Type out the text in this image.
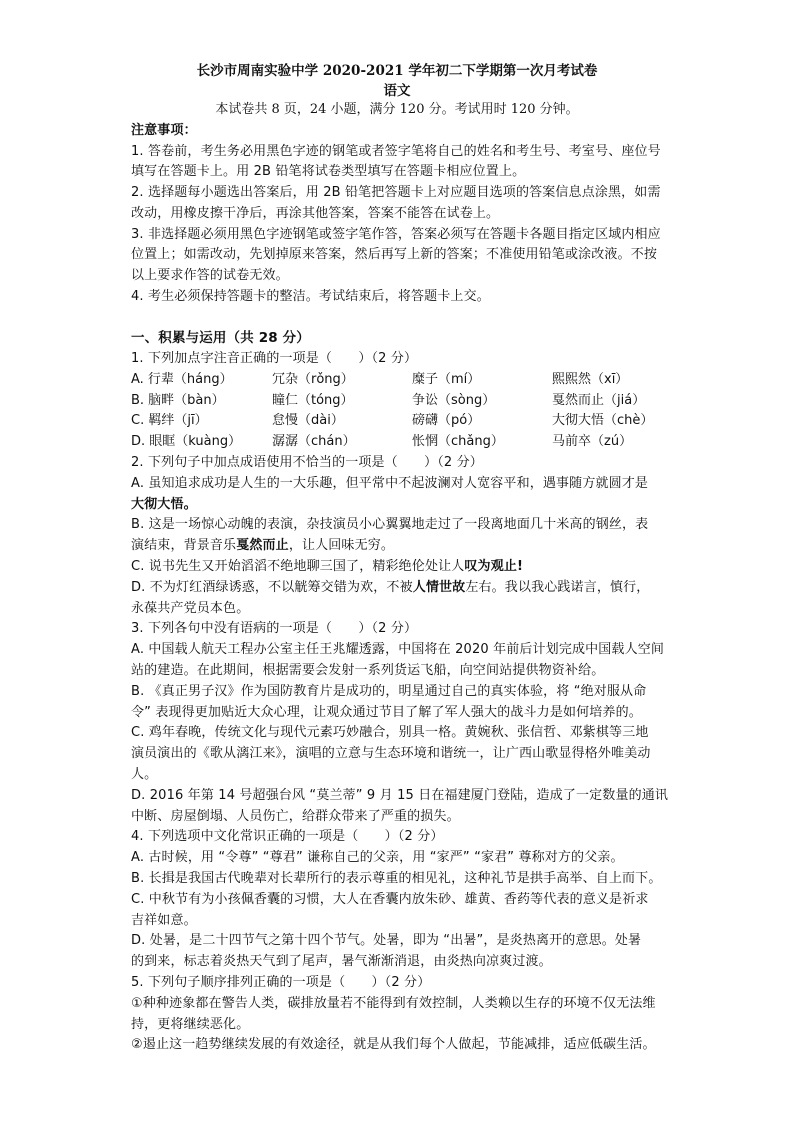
长沙市周南实验中学 2020-2021 学年初二下学期第一次月考试卷
语文
本试卷共 8 页，24 小题，满分 120 分。考试用时 120 分钟。
注意事项：
1. 答卷前，考生务必用黑色字迹的钢笔或者签字笔将自己的姓名和考生号、考室号、座位号
填写在答题卡上。用 2B 铅笔将试卷类型填写在答题卡相应位置上。
2. 选择题每小题选出答案后，用 2B 铅笔把答题卡上对应题目选项的答案信息点涂黑，如需
改动，用橡皮擦干净后，再涂其他答案，答案不能答在试卷上。
3. 非选择题必须用黑色字迹钢笔或签字笔作答，答案必须写在答题卡各题目指定区域内相应
位置上；如需改动，先划掉原来答案，然后再写上新的答案；不准使用铅笔或涂改液。不按
以上要求作答的试卷无效。
4. 考生必须保持答题卡的整洁。考试结束后，将答题卡上交。
一、积累与运用（共 28 分）
1. 下列加点字注音正确的一项是（　　）（2 分）
A. 行辈（háng）	冗杂（rǒng）	糜子（mí）	熙熙然（xī）
B. 脑畔（bàn）	瞳仁（tóng）	争讼（sòng）	戛然而止（jiá）
C. 羁绊（jī）	怠慢（dài）	磅礴（pó）	大彻大悟（chè）
D. 眼眶（kuàng） 潺潺（chán）	怅惘（chǎng）	马前卒（zú）
2. 下列句子中加点成语使用不恰当的一项是（　　）（2 分）
A. 虽知追求成功是人生的一大乐趣，但平常中不起波澜对人宽容平和，遇事随方就圆才是
大彻大悟。
B. 这是一场惊心动魄的表演，杂技演员小心翼翼地走过了一段离地面几十米高的钢丝，表
演结束，背景音乐戛然而止，让人回味无穷。
C. 说书先生又开始滔滔不绝地聊三国了，精彩绝伦处让人叹为观止!
D. 不为灯红酒绿诱惑，不以觥筹交错为欢，不被人情世故左右。我以我心践诺言，慎行，
永葆共产党员本色。
3. 下列各句中没有语病的一项是（　　）（2 分）
A. 中国载人航天工程办公室主任王兆耀透露，中国将在 2020 年前后计划完成中国载人空间
站的建造。在此期间，根据需要会发射一系列货运飞船，向空间站提供物资补给。
B. 《真正男子汉》作为国防教育片是成功的，明星通过自己的真实体验，将 “绝对服从命
令” 表现得更加贴近大众心理，让观众通过节目了解了军人强大的战斗力是如何培养的。
C. 鸡年春晚，传统文化与现代元素巧妙融合，别具一格。黄婉秋、张信哲、邓紫棋等三地
演员演出的《歌从漓江来》，演唱的立意与生态环境和谐统一，让广西山歌显得格外唯美动
人。
D. 2016 年第 14 号超强台风 “莫兰蒂” 9 月 15 日在福建厦门登陆，造成了一定数量的通讯
中断、房屋倒塌、人员伤亡，给群众带来了严重的损失。
4. 下列选项中文化常识正确的一项是（　　）（2 分）
A. 古时候，用 “令尊” “尊君” 谦称自己的父亲，用 “家严” “家君” 尊称对方的父亲。
B. 长揖是我国古代晚辈对长辈所行的表示尊重的相见礼，这种礼节是拱手高举、自上而下。
C. 中秋节有为小孩佩香囊的习惯，大人在香囊内放朱砂、雄黄、香药等代表的意义是祈求
吉祥如意。
D. 处暑，是二十四节气之第十四个节气。处暑，即为 “出暑”，是炎热离开的意思。处暑
的到来，标志着炎热天气到了尾声，暑气渐渐消退，由炎热向凉爽过渡。
5. 下列句子顺序排列正确的一项是（　　）（2 分）
①种种迹象都在警告人类，碳排放量若不能得到有效控制，人类赖以生存的环境不仅无法维
持，更将继续恶化。
②遏止这一趋势继续发展的有效途径，就是从我们每个人做起，节能减排，适应低碳生活。
